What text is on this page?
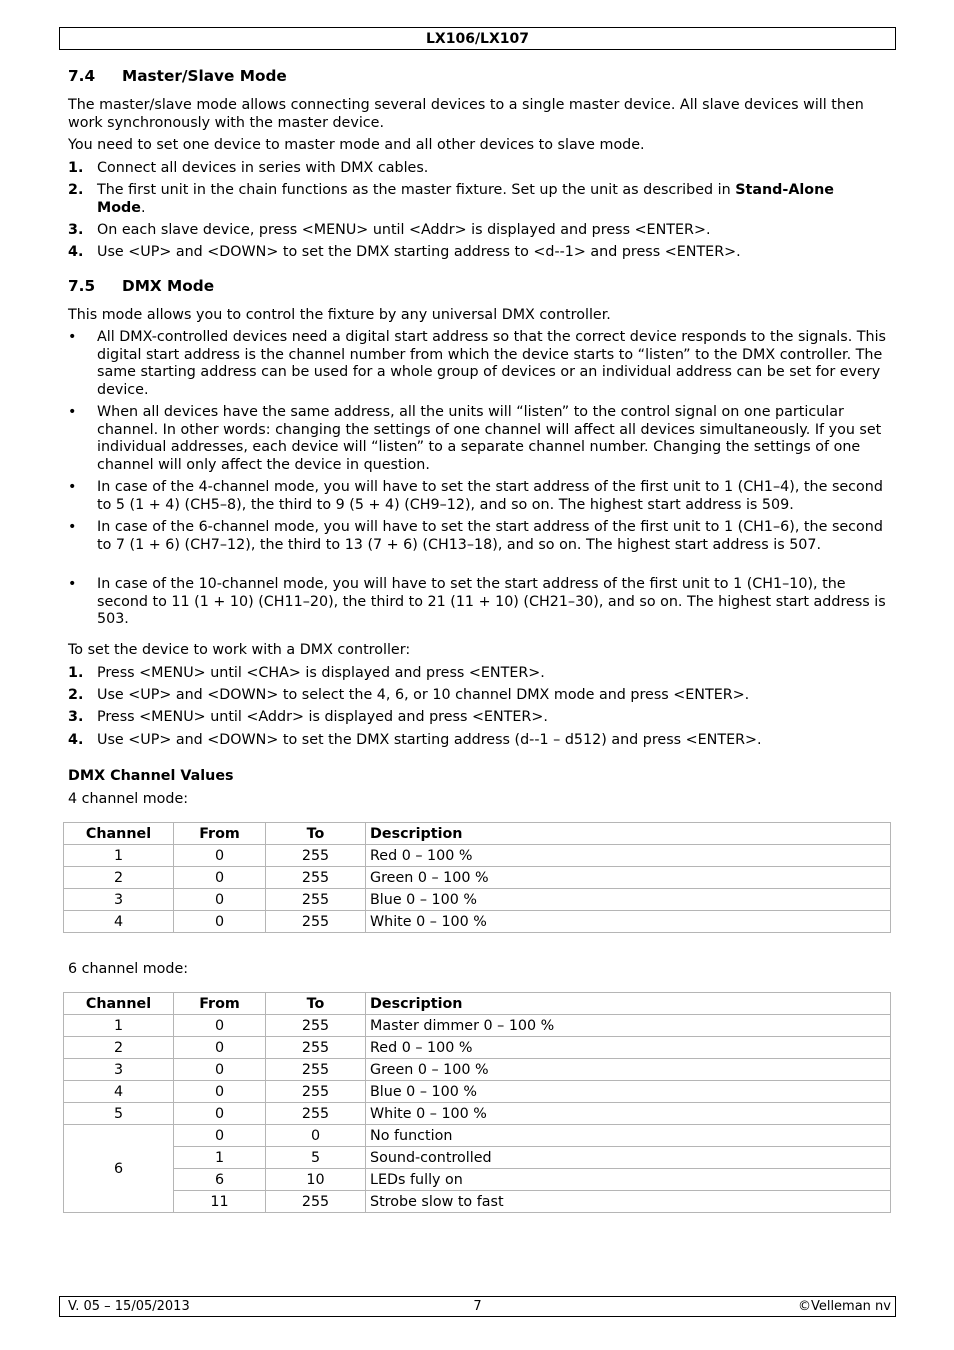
LX106/LX107
7.4 Master/Slave Mode
The master/slave mode allows connecting several devices to a single master device. All slave devices will then work synchronously with the master device.
You need to set one device to master mode and all other devices to slave mode.
1. Connect all devices in series with DMX cables.
2. The first unit in the chain functions as the master fixture. Set up the unit as described in Stand-Alone Mode.
3. On each slave device, press <MENU> until <Addr> is displayed and press <ENTER>.
4. Use <UP> and <DOWN> to set the DMX starting address to <d--1> and press <ENTER>.
7.5 DMX Mode
This mode allows you to control the fixture by any universal DMX controller.
• All DMX-controlled devices need a digital start address so that the correct device responds to the signals. This digital start address is the channel number from which the device starts to “listen” to the DMX controller. The same starting address can be used for a whole group of devices or an individual address can be set for every device.
• When all devices have the same address, all the units will “listen” to the control signal on one particular channel. In other words: changing the settings of one channel will affect all devices simultaneously. If you set individual addresses, each device will “listen” to a separate channel number. Changing the settings of one channel will only affect the device in question.
• In case of the 4-channel mode, you will have to set the start address of the first unit to 1 (CH1–4), the second to 5 (1 + 4) (CH5–8), the third to 9 (5 + 4) (CH9–12), and so on. The highest start address is 509.
• In case of the 6-channel mode, you will have to set the start address of the first unit to 1 (CH1–6), the second to 7 (1 + 6) (CH7–12), the third to 13 (7 + 6) (CH13–18), and so on. The highest start address is 507.
• In case of the 10-channel mode, you will have to set the start address of the first unit to 1 (CH1–10), the second to 11 (1 + 10) (CH11–20), the third to 21 (11 + 10) (CH21–30), and so on. The highest start address is 503.
To set the device to work with a DMX controller:
1. Press <MENU> until <CHA> is displayed and press <ENTER>.
2. Use <UP> and <DOWN> to select the 4, 6, or 10 channel DMX mode and press <ENTER>.
3. Press <MENU> until <Addr> is displayed and press <ENTER>.
4. Use <UP> and <DOWN> to set the DMX starting address (d--1 – d512) and press <ENTER>.
DMX Channel Values
4 channel mode:
Channel	From	To	Description
1	0	255	Red 0 – 100 %
2	0	255	Green 0 – 100 %
3	0	255	Blue 0 – 100 %
4	0	255	White 0 – 100 %
6 channel mode:
Channel	From	To	Description
1	0	255	Master dimmer 0 – 100 %
2	0	255	Red 0 – 100 %
3	0	255	Green 0 – 100 %
4	0	255	Blue 0 – 100 %
5	0	255	White 0 – 100 %
6	0	0	No function
	1	5	Sound-controlled
	6	10	LEDs fully on
	11	255	Strobe slow to fast
V. 05 – 15/05/2013	7	©Velleman nv
